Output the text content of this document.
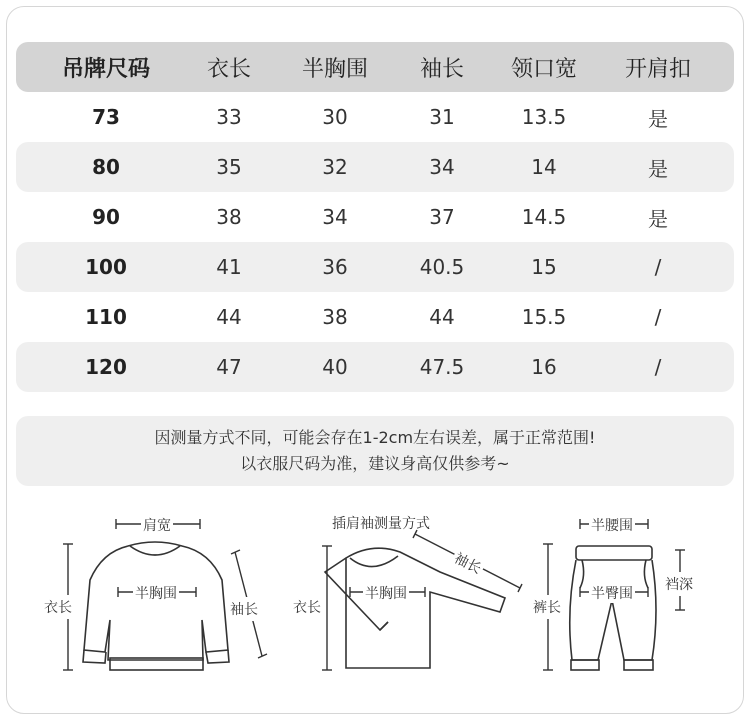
吊牌尺码	衣长	半胸围	袖长	领口宽	开肩扣
73	33	30	31	13.5	是
80	35	32	34	14	是
90	38	34	37	14.5	是
100	41	36	40.5	15	/
110	44	38	44	15.5	/
120	47	40	47.5	16	/
因测量方式不同，可能会存在1-2cm左右误差，属于正常范围!
以衣服尺码为准，建议身高仅供参考~
肩宽
半胸围
衣长	袖长
插肩袖测量方式
半胸围
衣长
袖长
半腰围
半臀围
裤长
裆深
